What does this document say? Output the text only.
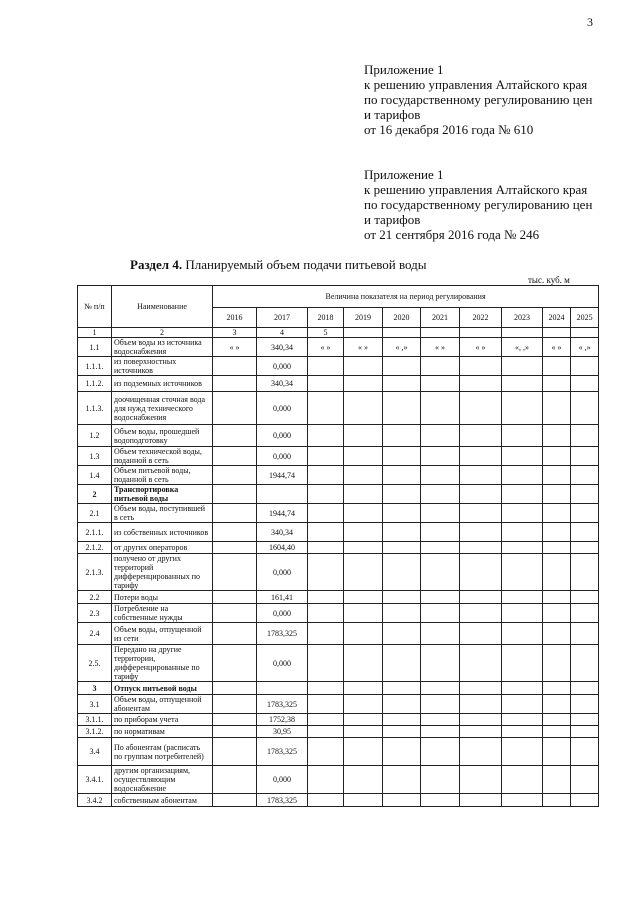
3
Приложение 1
к решению управления Алтайского края
по государственному регулированию цен
и тарифов
от 16 декабря 2016 года № 610
Приложение 1
к решению управления Алтайского края
по государственному регулированию цен
и тарифов
от 21 сентября 2016 года № 246
Раздел 4. Планируемый объем подачи питьевой воды
тыс. куб. м
№ п/п	Наименование	Величина показателя на период регулирования									
		2016	2017	2018	2019	2020	2021	2022	2023	2024	2025
1	2	3	4	5							
1.1	Объем воды из источника водоснабжения	« »	340,34	« »	« »	« ,»	« »	« »	«, ,»	« »	« ,»
1.1.1.	из поверхностных источников		0,000								
1.1.2.	из подземных источников		340,34								
1.1.3.	доочищенная сточная вода для нужд технического водоснабжения		0,000								
1.2	Объем воды, прошедшей водоподготовку		0,000								
1.3	Объем технической воды, поданной в сеть		0,000								
1.4	Объем питьевой воды, поданной в сеть		1944,74								
2	Транспортировка питьевой воды										
2.1	Объем воды, поступившей в сеть		1944,74								
2.1.1.	из собственных источников		340,34								
2.1.2.	от других операторов		1604,40								
2.1.3.	получено от других территорий дифференцированных по тарифу		0,000								
2.2	Потери воды		161,41								
2.3	Потребление на собственные нужды		0,000								
2.4	Объем воды, отпущенной из сети		1783,325								
2.5.	Передано на другие территории, дифференцированные по тарифу		0,000								
3	Отпуск питьевой воды										
3.1	Объем воды, отпущенной абонентам		1783,325								
3.1.1.	по приборам учета		1752,38								
3.1.2.	по нормативам		30,95								
3.4	По абонентам (расписать по группам потребителей)		1783,325								
3.4.1.	другим организациям, осуществляющим водоснабжение		0,000								
3.4.2	собственным абонентам		1783,325								
